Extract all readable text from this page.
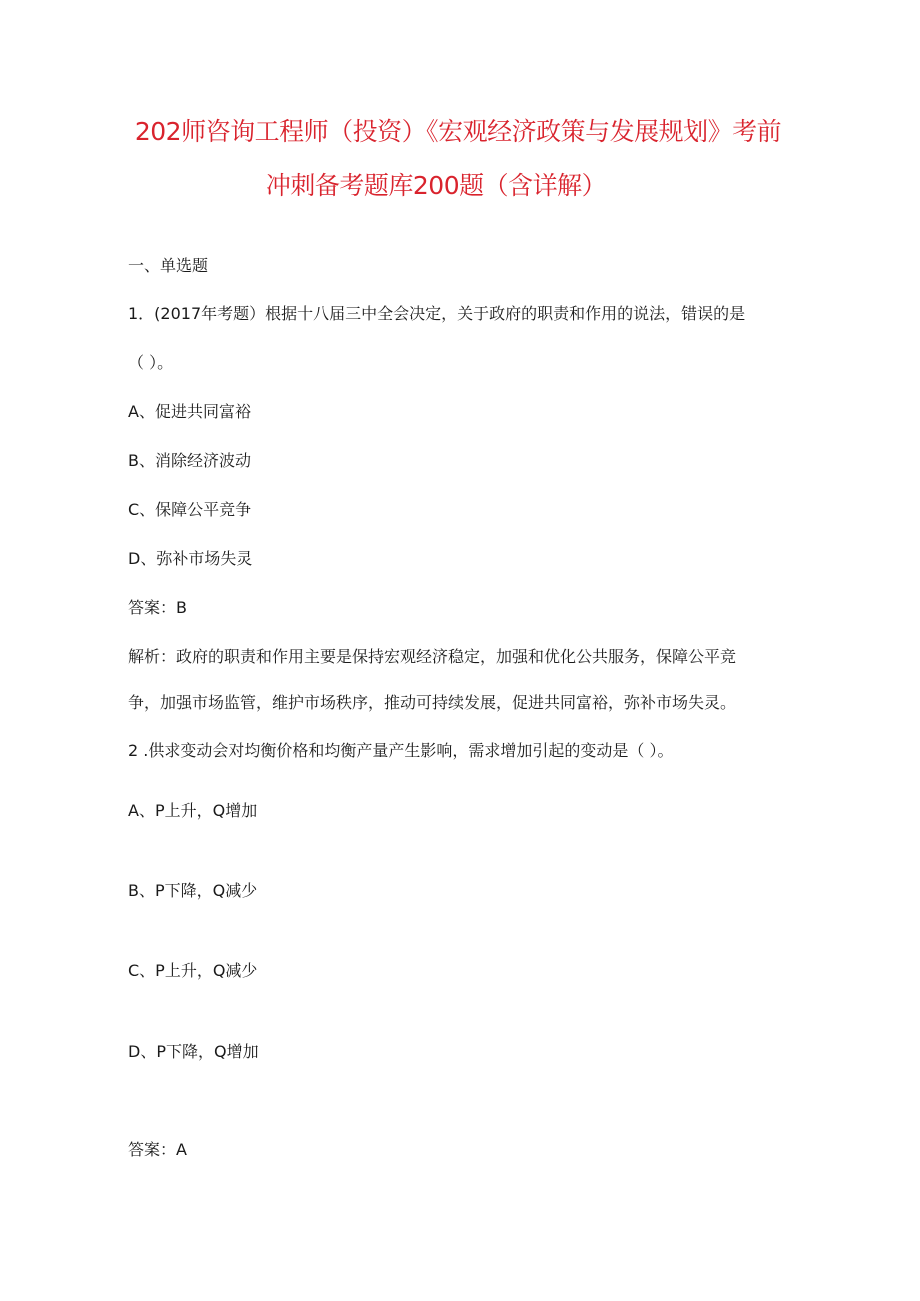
202师咨询工程师（投资）《宏观经济政策与发展规划》考前
冲刺备考题库200题（含详解）
一、单选题
1．(2017年考题）根据十八届三中全会决定，关于政府的职责和作用的说法，错误的是
（ ）。
A、促进共同富裕
B、消除经济波动
C、保障公平竞争
D、弥补市场失灵
答案：B
解析：政府的职责和作用主要是保持宏观经济稳定，加强和优化公共服务，保障公平竞
争，加强市场监管，维护市场秩序，推动可持续发展，促进共同富裕，弥补市场失灵。
2 .供求变动会对均衡价格和均衡产量产生影响，需求增加引起的变动是（ ）。
A、P上升，Q增加
B、P下降，Q减少
C、P上升，Q减少
D、P下降，Q增加
答案：A
